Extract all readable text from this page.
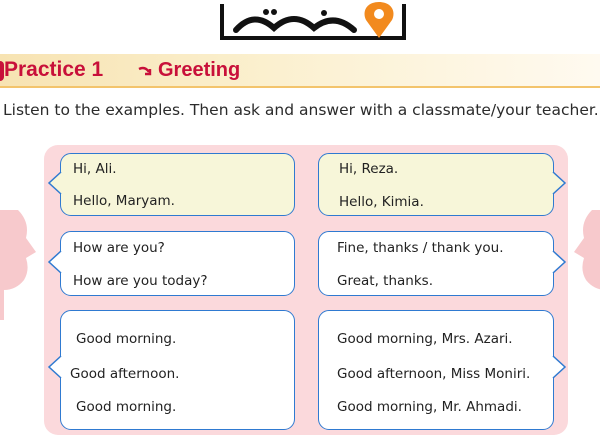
Practice 1	Greeting
Listen to the examples. Then ask and answer with a classmate/your teacher.
Hi, Ali.
Hello, Maryam.
Hi, Reza.
Hello, Kimia.
How are you?
How are you today?
Fine, thanks / thank you.
Great, thanks.
Good morning.
Good afternoon.
Good morning.
Good morning, Mrs. Azari.
Good afternoon, Miss Moniri.
Good morning, Mr. Ahmadi.
